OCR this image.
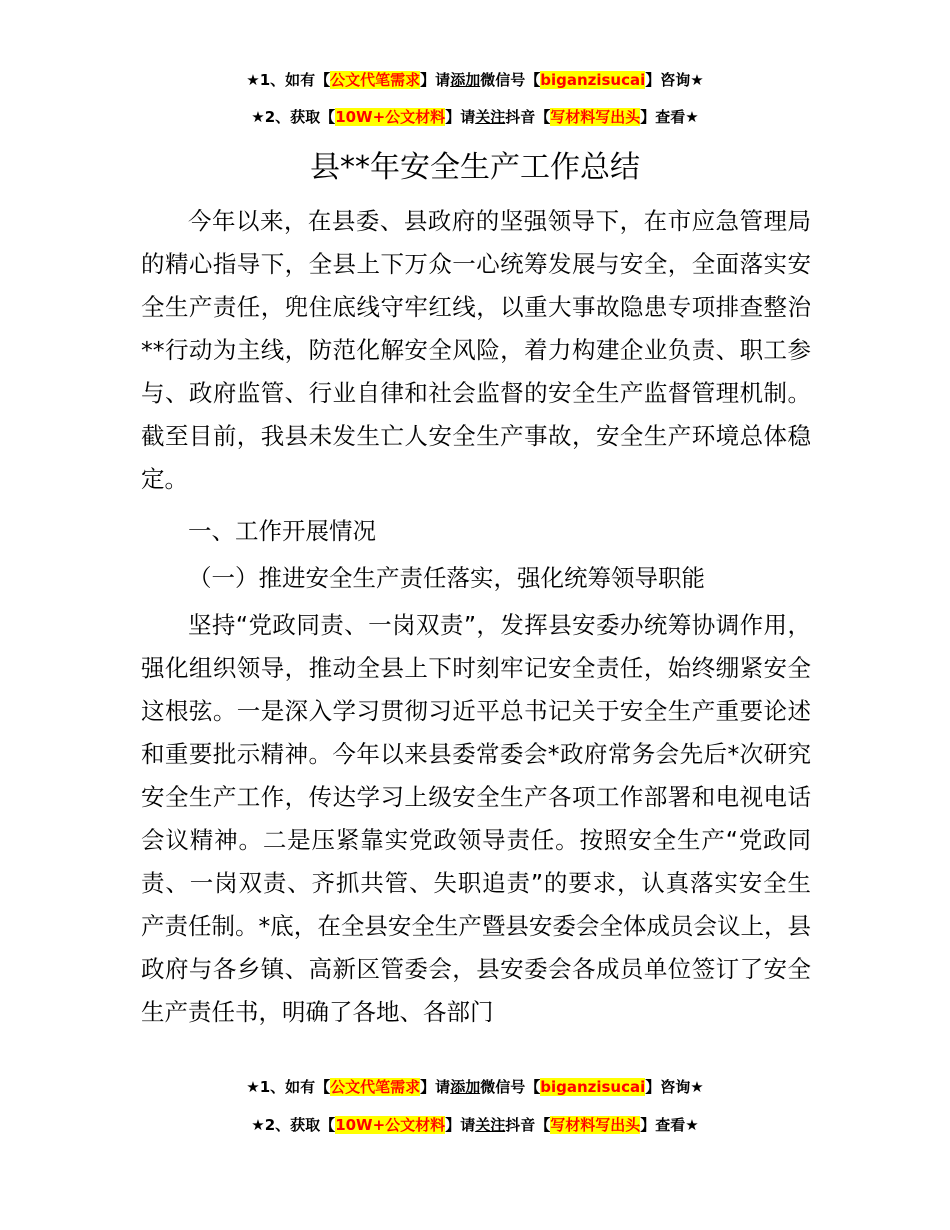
★1、如有【公文代笔需求】请添加微信号【biganzisucai】咨询★
★2、获取【10W+公文材料】请关注抖音【写材料写出头】查看★
县**年安全生产工作总结

今年以来，在县委、县政府的坚强领导下，在市应急管理局的精心指导下，全县上下万众一心统筹发展与安全，全面落实安全生产责任，兜住底线守牢红线，以重大事故隐患专项排查整治**行动为主线，防范化解安全风险，着力构建企业负责、职工参与、政府监管、行业自律和社会监督的安全生产监督管理机制。截至目前，我县未发生亡人安全生产事故，安全生产环境总体稳定。

一、工作开展情况

（一）推进安全生产责任落实，强化统筹领导职能

坚持“党政同责、一岗双责”，发挥县安委办统筹协调作用，强化组织领导，推动全县上下时刻牢记安全责任，始终绷紧安全这根弦。一是深入学习贯彻习近平总书记关于安全生产重要论述和重要批示精神。今年以来县委常委会*政府常务会先后*次研究安全生产工作，传达学习上级安全生产各项工作部署和电视电话会议精神。二是压紧靠实党政领导责任。按照安全生产“党政同责、一岗双责、齐抓共管、失职追责”的要求，认真落实安全生产责任制。*底，在全县安全生产暨县安委会全体成员会议上，县政府与各乡镇、高新区管委会，县安委会各成员单位签订了安全生产责任书，明确了各地、各部门

★1、如有【公文代笔需求】请添加微信号【biganzisucai】咨询★
★2、获取【10W+公文材料】请关注抖音【写材料写出头】查看★
